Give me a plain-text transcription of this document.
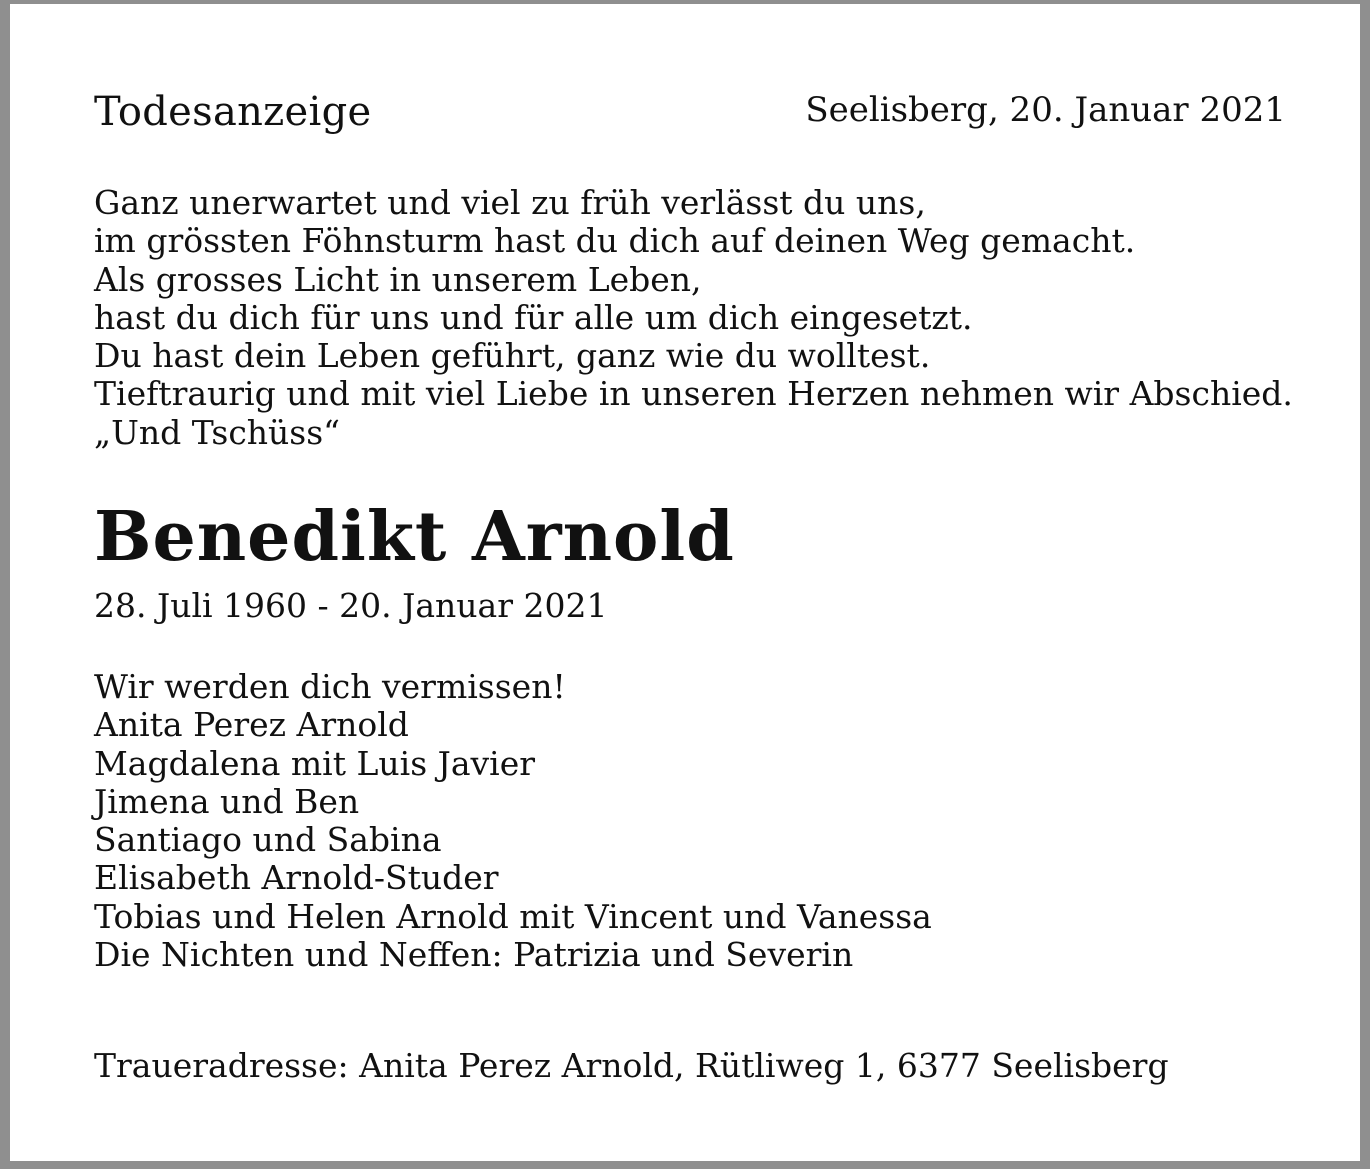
Todesanzeige	Seelisberg, 20. Januar 2021
Ganz unerwartet und viel zu früh verlässt du uns,
im grössten Föhnsturm hast du dich auf deinen Weg gemacht.
Als grosses Licht in unserem Leben,
hast du dich für uns und für alle um dich eingesetzt.
Du hast dein Leben geführt, ganz wie du wolltest.
Tieftraurig und mit viel Liebe in unseren Herzen nehmen wir Abschied.
„Und Tschüss“
Benedikt Arnold
28. Juli 1960 - 20. Januar 2021
Wir werden dich vermissen!
Anita Perez Arnold
Magdalena mit Luis Javier
Jimena und Ben
Santiago und Sabina
Elisabeth Arnold-Studer
Tobias und Helen Arnold mit Vincent und Vanessa
Die Nichten und Neffen: Patrizia und Severin
Traueradresse: Anita Perez Arnold, Rütliweg 1, 6377 Seelisberg
